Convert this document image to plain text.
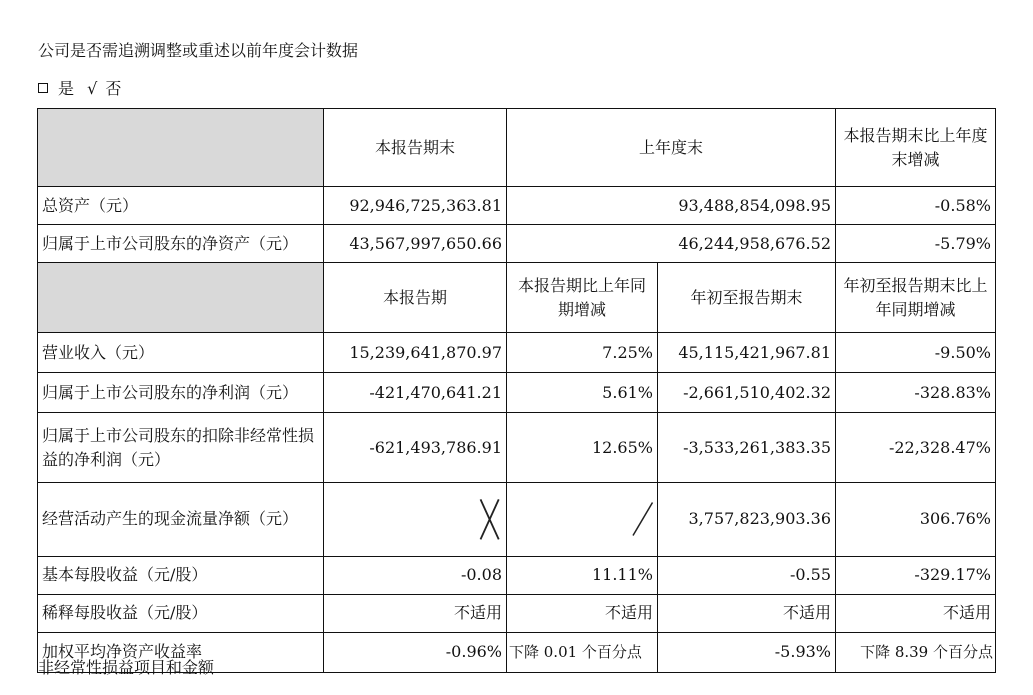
公司是否需追溯调整或重述以前年度会计数据
是 √ 否
	本报告期末	上年度末		本报告期末比上年度末增减
总资产（元）	92,946,725,363.81	93,488,854,098.95		-0.58%
归属于上市公司股东的净资产（元）	43,567,997,650.66	46,244,958,676.52		-5.79%
	本报告期	本报告期比上年同期增减	年初至报告期末	年初至报告期末比上年同期增减
营业收入（元）	15,239,641,870.97	7.25%	45,115,421,967.81	-9.50%
归属于上市公司股东的净利润（元）	-421,470,641.21	5.61%	-2,661,510,402.32	-328.83%
归属于上市公司股东的扣除非经常性损益的净利润（元）	-621,493,786.91	12.65%	-3,533,261,383.35	-22,328.47%
经营活动产生的现金流量净额（元）			3,757,823,903.36	306.76%
基本每股收益（元/股）	-0.08	11.11%	-0.55	-329.17%
稀释每股收益（元/股）	不适用	不适用	不适用	不适用
加权平均净资产收益率	-0.96%	下降 0.01 个百分点	-5.93%	下降 8.39 个百分点
非经常性损益项目和金额
